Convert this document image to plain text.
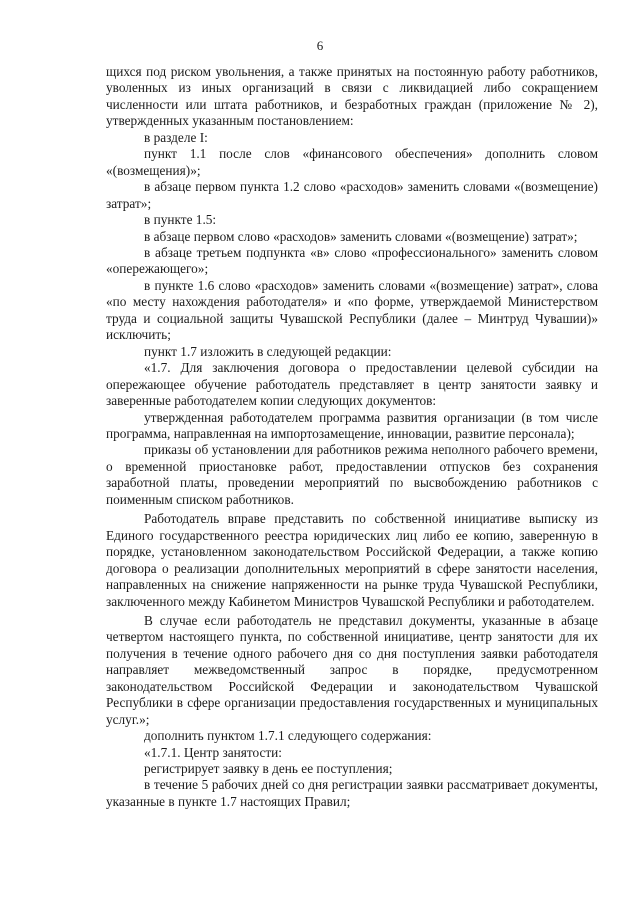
6

щихся под риском увольнения, а также принятых на постоянную работу работников, уволенных из иных организаций в связи с ликвидацией либо сокращением численности или штата работников, и безработных граждан (приложение № 2), утвержденных указанным постановлением:

в разделе I:

пункт 1.1 после слов «финансового обеспечения» дополнить словом «(возмещения)»;

в абзаце первом пункта 1.2 слово «расходов» заменить словами «(возмещение) затрат»;

в пункте 1.5:

в абзаце первом слово «расходов» заменить словами «(возмещение) затрат»;

в абзаце третьем подпункта «в» слово «профессионального» заменить словом «опережающего»;

в пункте 1.6 слово «расходов» заменить словами «(возмещение) затрат», слова «по месту нахождения работодателя» и «по форме, утверждаемой Министерством труда и социальной защиты Чувашской Республики (далее – Минтруд Чувашии)» исключить;

пункт 1.7 изложить в следующей редакции:

«1.7. Для заключения договора о предоставлении целевой субсидии на опережающее обучение работодатель представляет в центр занятости заявку и заверенные работодателем копии следующих документов:

утвержденная работодателем программа развития организации (в том числе программа, направленная на импортозамещение, инновации, развитие персонала);

приказы об установлении для работников режима неполного рабочего времени, о временной приостановке работ, предоставлении отпусков без сохранения заработной платы, проведении мероприятий по высвобождению работников с поименным списком работников.

Работодатель вправе представить по собственной инициативе выписку из Единого государственного реестра юридических лиц либо ее копию, заверенную в порядке, установленном законодательством Российской Федерации, а также копию договора о реализации дополнительных мероприятий в сфере занятости населения, направленных на снижение напряженности на рынке труда Чувашской Республики, заключенного между Кабинетом Министров Чувашской Республики и работодателем.

В случае если работодатель не представил документы, указанные в абзаце четвертом настоящего пункта, по собственной инициативе, центр занятости для их получения в течение одного рабочего дня со дня поступления заявки работодателя направляет межведомственный запрос в порядке, предусмотренном законодательством Российской Федерации и законодательством Чувашской Республики в сфере организации предоставления государственных и муниципальных услуг.»;

дополнить пунктом 1.7.1 следующего содержания:

«1.7.1. Центр занятости:

регистрирует заявку в день ее поступления;

в течение 5 рабочих дней со дня регистрации заявки рассматривает документы, указанные в пункте 1.7 настоящих Правил;
